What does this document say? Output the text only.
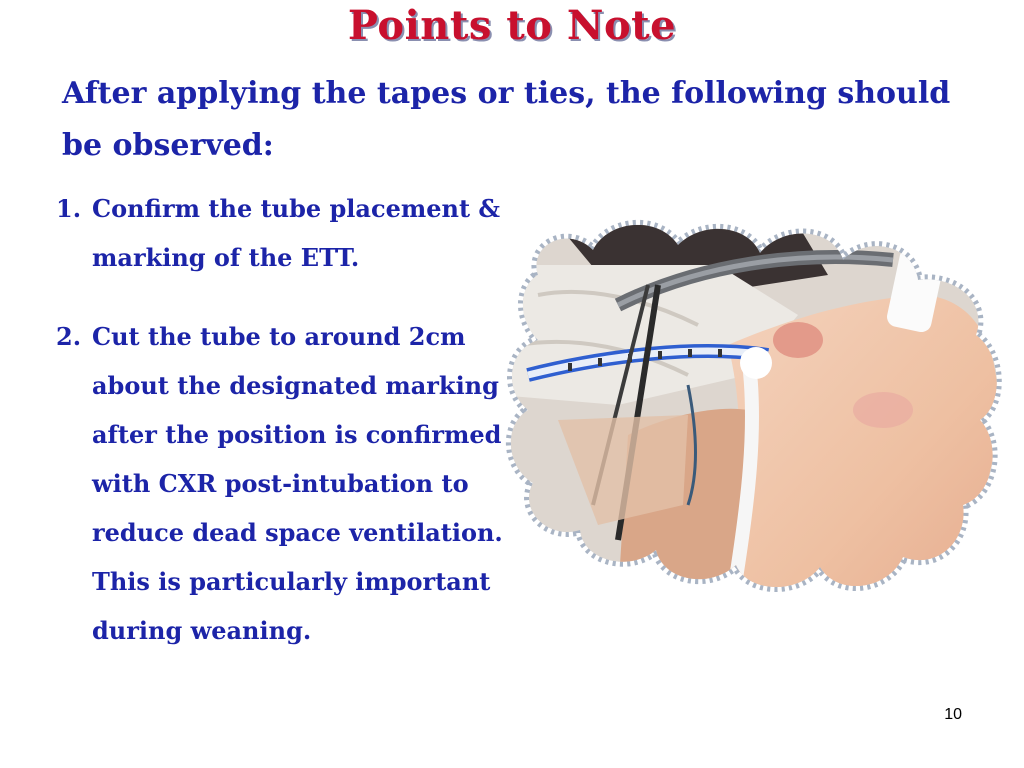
Points to Note
After applying the tapes or ties, the following should be observed:
1. Confirm the tube placement & marking of the ETT.
2. Cut the tube to around 2cm about the designated marking after the position is confirmed with CXR post-intubation to reduce dead space ventilation. This is particularly important during weaning.
10
